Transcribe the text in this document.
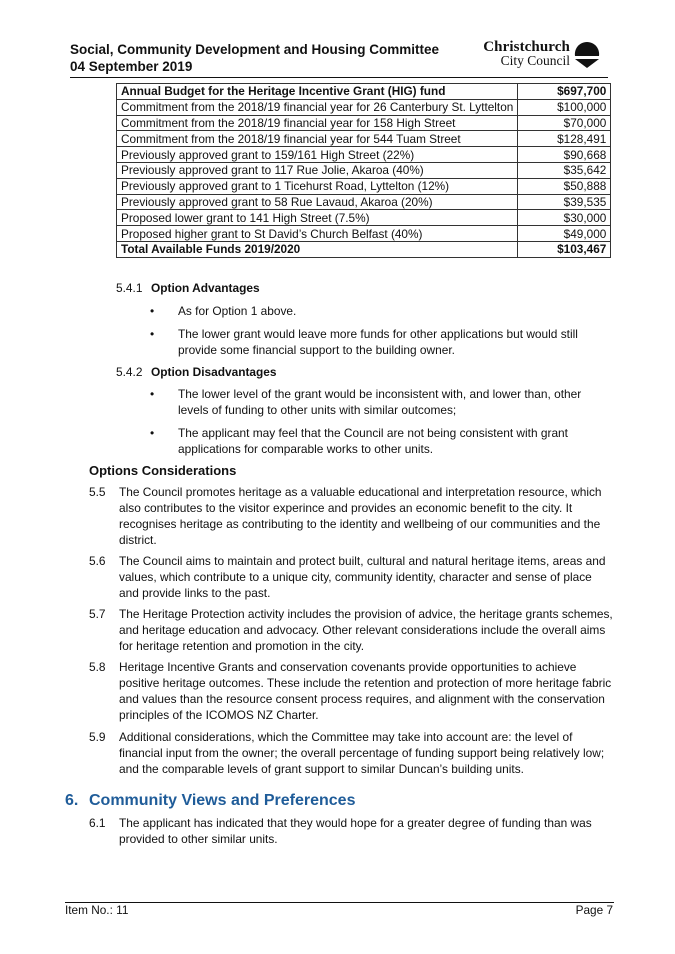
Social, Community Development and Housing Committee
04 September 2019
Christchurch
City Council
Annual Budget for the Heritage Incentive Grant (HIG) fund	$697,700
Commitment from the 2018/19 financial year for 26 Canterbury St. Lyttelton	$100,000
Commitment from the 2018/19 financial year for 158 High Street	$70,000
Commitment from the 2018/19 financial year for 544 Tuam Street	$128,491
Previously approved grant to 159/161 High Street (22%)	$90,668
Previously approved grant to 117 Rue Jolie, Akaroa (40%)	$35,642
Previously approved grant to 1 Ticehurst Road, Lyttelton (12%)	$50,888
Previously approved grant to 58 Rue Lavaud, Akaroa (20%)	$39,535
Proposed lower grant to 141 High Street (7.5%)	$30,000
Proposed higher grant to St David’s Church Belfast (40%)	$49,000
Total Available Funds 2019/2020	$103,467
5.4.1 Option Advantages
• As for Option 1 above.
• The lower grant would leave more funds for other applications but would still provide some financial support to the building owner.
5.4.2 Option Disadvantages
• The lower level of the grant would be inconsistent with, and lower than, other levels of funding to other units with similar outcomes;
• The applicant may feel that the Council are not being consistent with grant applications for comparable works to other units.
Options Considerations
5.5 The Council promotes heritage as a valuable educational and interpretation resource, which also contributes to the visitor experince and provides an economic benefit to the city. It recognises heritage as contributing to the identity and wellbeing of our communities and the district.
5.6 The Council aims to maintain and protect built, cultural and natural heritage items, areas and values, which contribute to a unique city, community identity, character and sense of place and provide links to the past.
5.7 The Heritage Protection activity includes the provision of advice, the heritage grants schemes, and heritage education and advocacy. Other relevant considerations include the overall aims for heritage retention and promotion in the city.
5.8 Heritage Incentive Grants and conservation covenants provide opportunities to achieve positive heritage outcomes. These include the retention and protection of more heritage fabric and values than the resource consent process requires, and alignment with the conservation principles of the ICOMOS NZ Charter.
5.9 Additional considerations, which the Committee may take into account are: the level of financial input from the owner; the overall percentage of funding support being relatively low; and the comparable levels of grant support to similar Duncan’s building units.
6. Community Views and Preferences
6.1 The applicant has indicated that they would hope for a greater degree of funding than was provided to other similar units.
Item No.: 11	Page 7
